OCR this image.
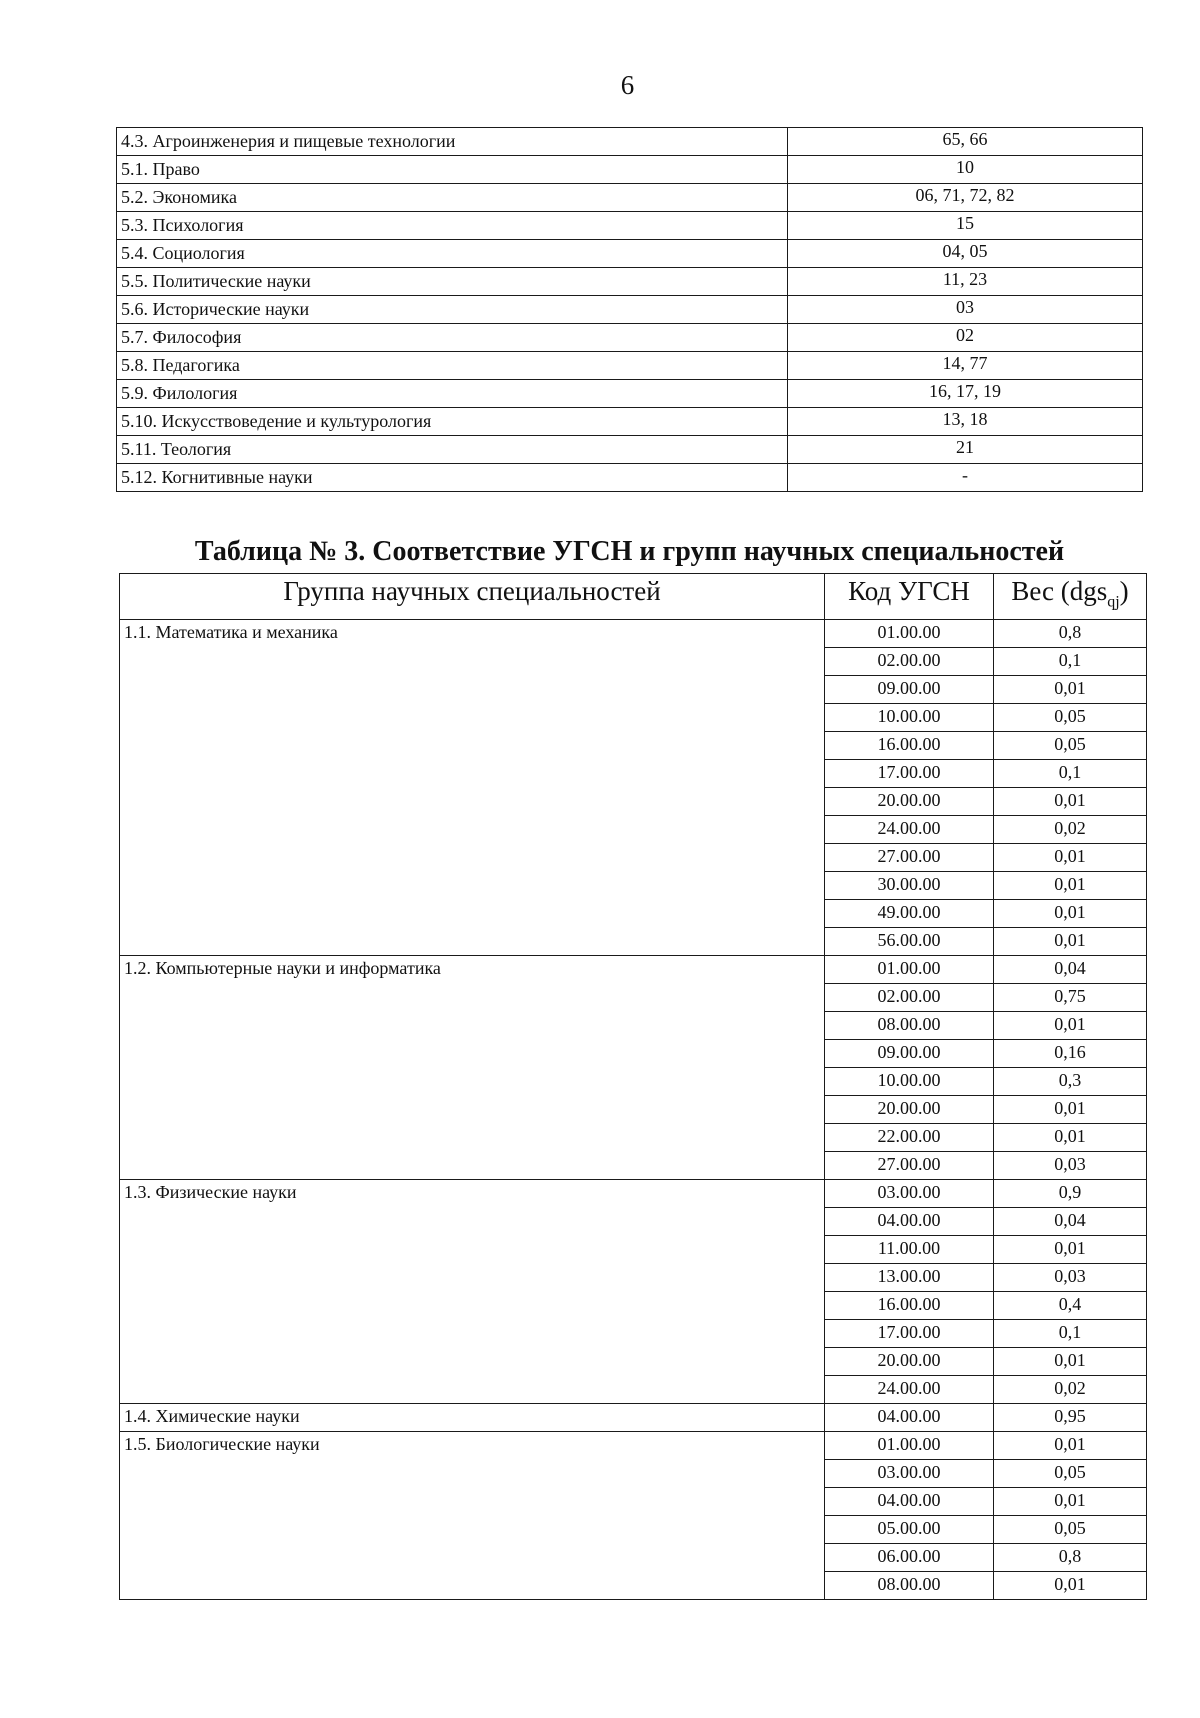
6
4.3. Агроинженерия и пищевые технологии	65, 66
5.1. Право	10
5.2. Экономика	06, 71, 72, 82
5.3. Психология	15
5.4. Социология	04, 05
5.5. Политические науки	11, 23
5.6. Исторические науки	03
5.7. Философия	02
5.8. Педагогика	14, 77
5.9. Филология	16, 17, 19
5.10. Искусствоведение и культурология	13, 18
5.11. Теология	21
5.12. Когнитивные науки	-
Таблица № 3. Соответствие УГСН и групп научных специальностей
Группа научных специальностей	Код УГСН	Вес (dgs$_{qj}$)
1.1. Математика и механика	01.00.00	0,8
	02.00.00	0,1
	09.00.00	0,01
	10.00.00	0,05
	16.00.00	0,05
	17.00.00	0,1
	20.00.00	0,01
	24.00.00	0,02
	27.00.00	0,01
	30.00.00	0,01
	49.00.00	0,01
	56.00.00	0,01
1.2. Компьютерные науки и информатика	01.00.00	0,04
	02.00.00	0,75
	08.00.00	0,01
	09.00.00	0,16
	10.00.00	0,3
	20.00.00	0,01
	22.00.00	0,01
	27.00.00	0,03
1.3. Физические науки	03.00.00	0,9
	04.00.00	0,04
	11.00.00	0,01
	13.00.00	0,03
	16.00.00	0,4
	17.00.00	0,1
	20.00.00	0,01
	24.00.00	0,02
1.4. Химические науки	04.00.00	0,95
1.5. Биологические науки	01.00.00	0,01
	03.00.00	0,05
	04.00.00	0,01
	05.00.00	0,05
	06.00.00	0,8
	08.00.00	0,01
